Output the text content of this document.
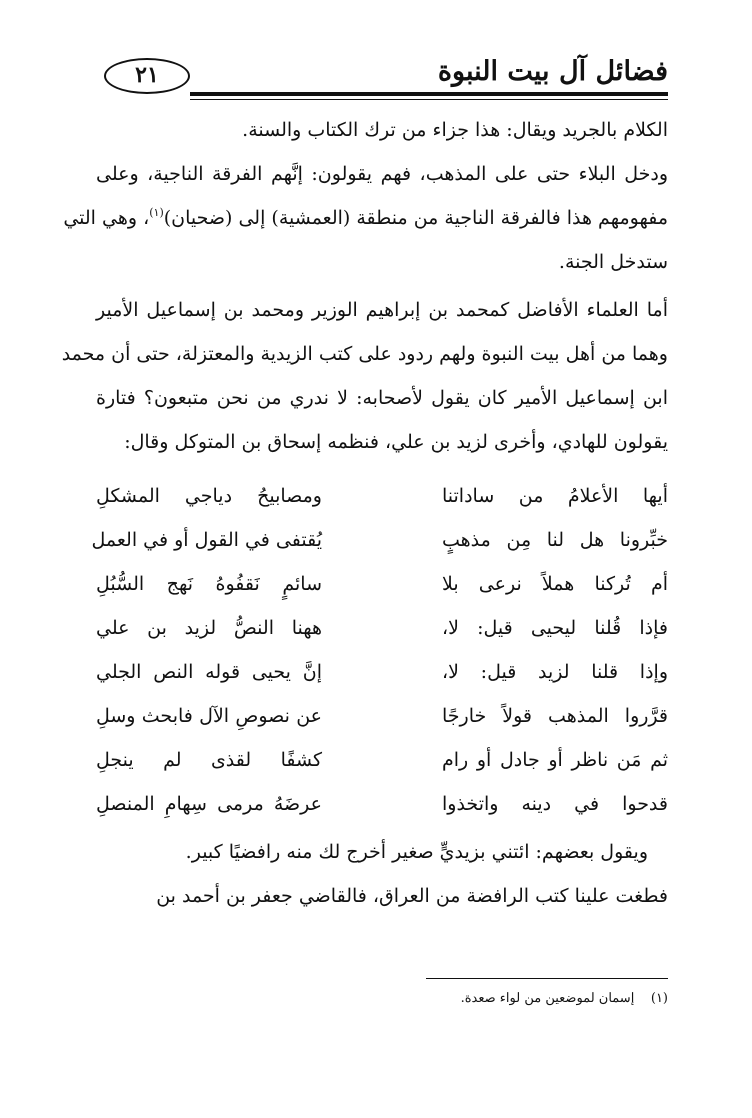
فضائل آل بيت النبوة
٢١
الكلام بالجريد ويقال: هذا جزاء من ترك الكتاب والسنة.
ودخل البلاء حتى على المذهب، فهم يقولون: إنَّهم الفرقة الناجية، وعلى
مفهومهم هذا فالفرقة الناجية من منطقة (العمشية) إلى (ضحيان)$^{(١)}$، وهي التي
ستدخل الجنة.
أما العلماء الأفاضل كمحمد بن إبراهيم الوزير ومحمد بن إسماعيل الأمير
وهما من أهل بيت النبوة ولهم ردود على كتب الزيدية والمعتزلة، حتى أن محمد
ابن إسماعيل الأمير كان يقول لأصحابه: لا ندري من نحن متبعون؟ فتارة
يقولون للهادي، وأخرى لزيد بن علي، فنظمه إسحاق بن المتوكل وقال:
أيها الأعلامُ من ساداتنا
ومصابيحُ دياجي المشكلِ
خبِّرونا هل لنا مِن مذهبٍ
يُقتفى في القول أو في العمل
أم تُركنا هملاً نرعى بلا
سائمٍ نَقفُوهُ نَهج السُّبُلِ
فإذا قُلنا ليحيى قيل: لا،
ههنا النصُّ لزيد بن علي
وإذا قلنا لزيد قيل: لا،
إنَّ يحيى قوله النص الجلي
قرَّروا المذهب قولاً خارجًا
عن نصوصِ الآل فابحث وسلِ
ثم مَن ناظر أو جادل أو رام
كشفًا لقذى لم ينجلِ
قدحوا في دينه واتخذوا
عرضَهُ مرمى سِهامِ المنصلِ
ويقول بعضهم: ائتني بزيديٍّ صغير أخرج لك منه رافضيًا كبير.
فطغت علينا كتب الرافضة من العراق، فالقاضي جعفر بن أحمد بن
(١)    إسمان لموضعين من لواء صعدة.
